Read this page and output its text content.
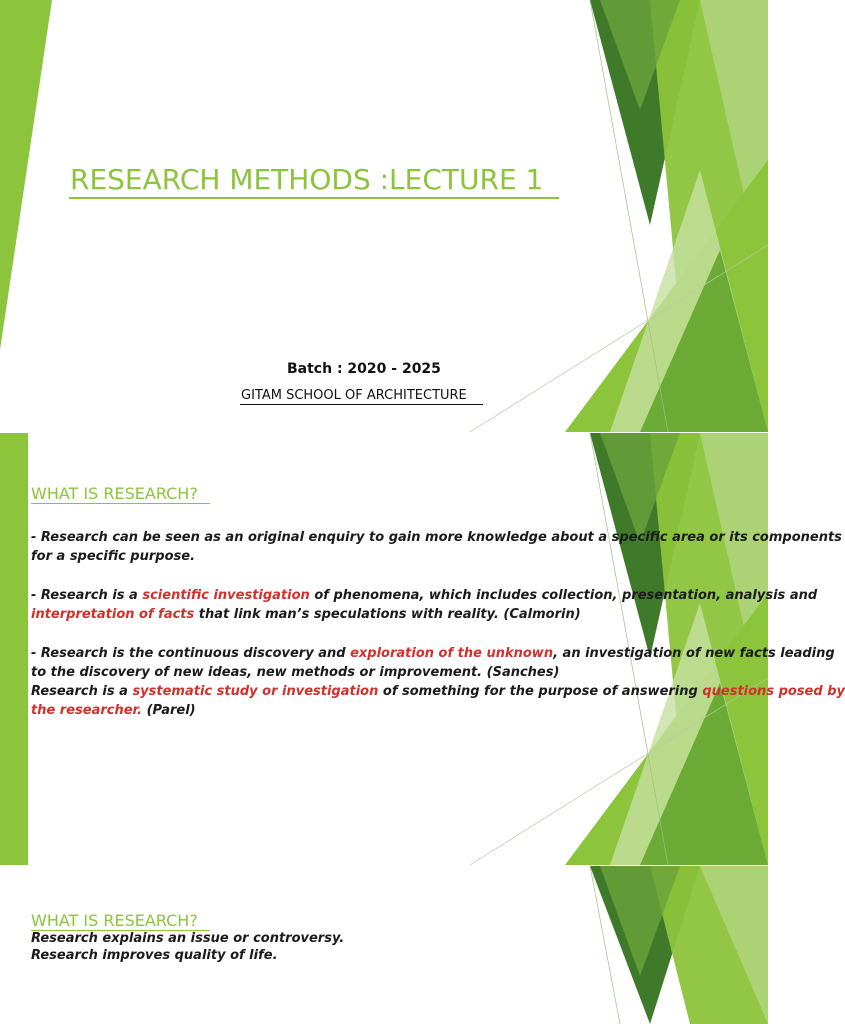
RESEARCH METHODS :LECTURE 1
Batch : 2020 - 2025
GITAM SCHOOL OF ARCHITECTURE
WHAT IS RESEARCH?
- Research can be seen as an original enquiry to gain more knowledge about a specific area or its components
for a specific purpose.
- Research is a scientific investigation of phenomena, which includes collection, presentation, analysis and
interpretation of facts that link man’s speculations with reality. (Calmorin)
- Research is the continuous discovery and exploration of the unknown, an investigation of new facts leading
to the discovery of new ideas, new methods or improvement. (Sanches)
Research is a systematic study or investigation of something for the purpose of answering questions posed by
the researcher. (Parel)
WHAT IS RESEARCH?
Research explains an issue or controversy.
Research improves quality of life.
